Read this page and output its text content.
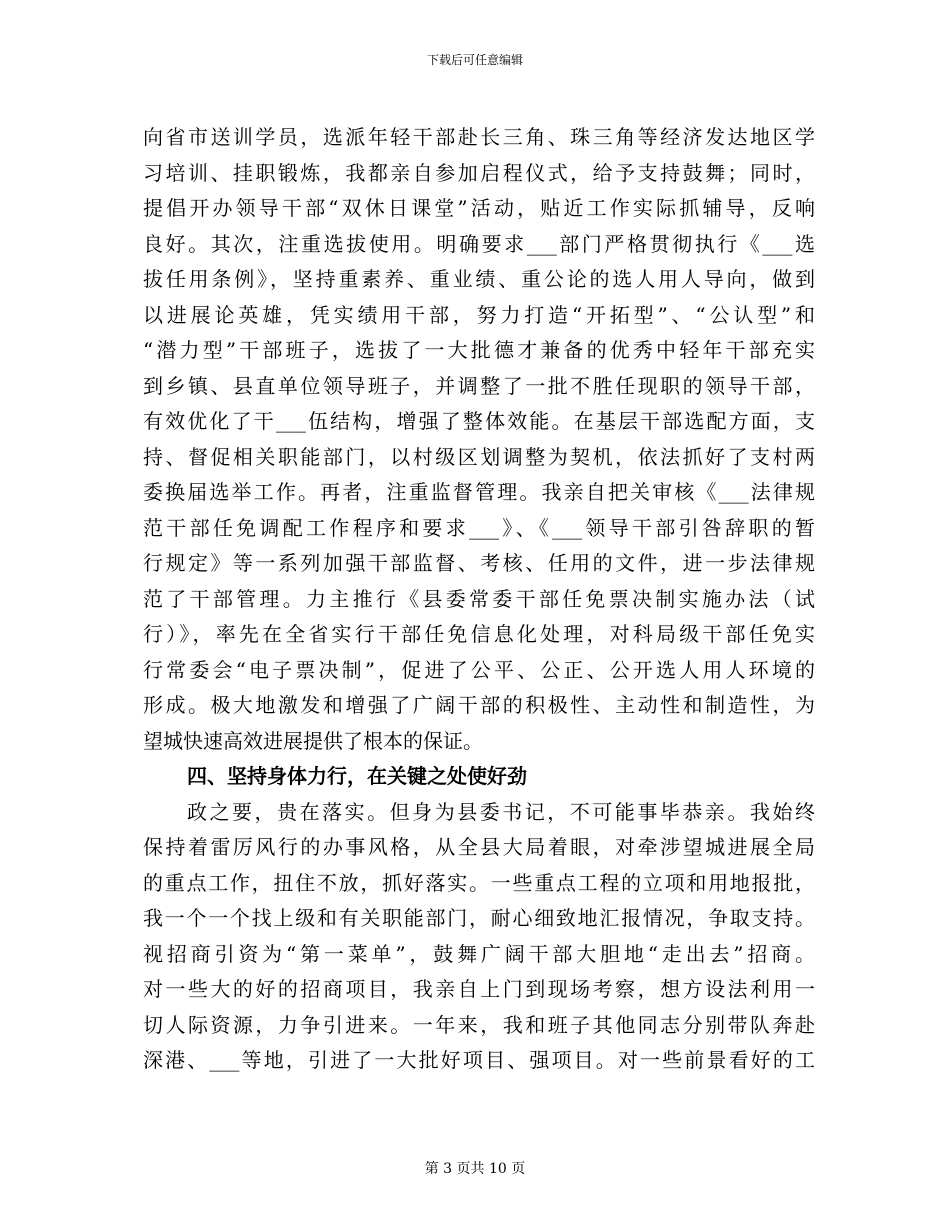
下载后可任意编辑
向省市送训学员，选派年轻干部赴长三角、珠三角等经济发达地区学
习培训、挂职锻炼，我都亲自参加启程仪式，给予支持鼓舞；同时，
提倡开办领导干部“双休日课堂”活动，贴近工作实际抓辅导，反响
良好。其次，注重选拔使用。明确要求___部门严格贯彻执行《___选
拔任用条例》，坚持重素养、重业绩、重公论的选人用人导向，做到
以进展论英雄，凭实绩用干部，努力打造“开拓型”、“公认型”和
“潜力型”干部班子，选拔了一大批德才兼备的优秀中轻年干部充实
到乡镇、县直单位领导班子，并调整了一批不胜任现职的领导干部，
有效优化了干___伍结构，增强了整体效能。在基层干部选配方面，支
持、督促相关职能部门，以村级区划调整为契机，依法抓好了支村两
委换届选举工作。再者，注重监督管理。我亲自把关审核《___法律规
范干部任免调配工作程序和要求___》、《___领导干部引咎辞职的暂
行规定》等一系列加强干部监督、考核、任用的文件，进一步法律规
范了干部管理。力主推行《县委常委干部任免票决制实施办法（试
行）》，率先在全省实行干部任免信息化处理，对科局级干部任免实
行常委会“电子票决制”，促进了公平、公正、公开选人用人环境的
形成。极大地激发和增强了广阔干部的积极性、主动性和制造性，为
望城快速高效进展提供了根本的保证。
四、坚持身体力行，在关键之处使好劲
政之要，贵在落实。但身为县委书记，不可能事毕恭亲。我始终
保持着雷厉风行的办事风格，从全县大局着眼，对牵涉望城进展全局
的重点工作，扭住不放，抓好落实。一些重点工程的立项和用地报批，
我一个一个找上级和有关职能部门，耐心细致地汇报情况，争取支持。
视招商引资为“第一菜单”，鼓舞广阔干部大胆地“走出去”招商。
对一些大的好的招商项目，我亲自上门到现场考察，想方设法利用一
切人际资源，力争引进来。一年来，我和班子其他同志分别带队奔赴
深港、___等地，引进了一大批好项目、强项目。对一些前景看好的工
第 3 页共 10 页
